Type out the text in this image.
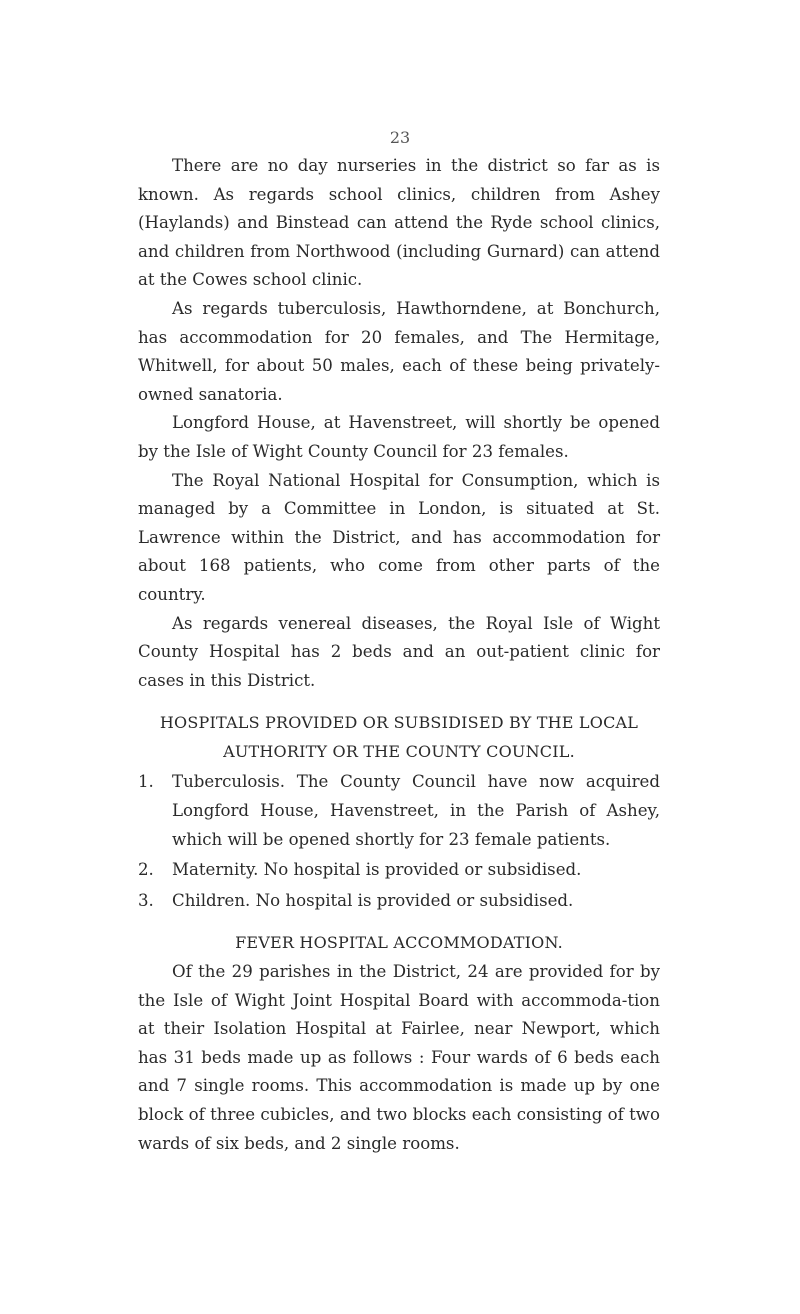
23

There are no day nurseries in the district so far as is known. As regards school clinics, children from Ashey (Haylands) and Binstead can attend the Ryde school clinics, and children from Northwood (including Gurnard) can attend at the Cowes school clinic.

As regards tuberculosis, Hawthorndene, at Bonchurch, has accommodation for 20 females, and The Hermitage, Whitwell, for about 50 males, each of these being privately-owned sanatoria.

Longford House, at Havenstreet, will shortly be opened by the Isle of Wight County Council for 23 females.

The Royal National Hospital for Consumption, which is managed by a Committee in London, is situated at St. Lawrence within the District, and has accommodation for about 168 patients, who come from other parts of the country.

As regards venereal diseases, the Royal Isle of Wight County Hospital has 2 beds and an out-patient clinic for cases in this District.

HOSPITALS PROVIDED OR SUBSIDISED BY THE LOCAL AUTHORITY OR THE COUNTY COUNCIL.
1.	Tuberculosis. The County Council have now acquired Longford House, Havenstreet, in the Parish of Ashey, which will be opened shortly for 23 female patients.
2.	Maternity. No hospital is provided or subsidised.
3.	Children. No hospital is provided or subsidised.
FEVER HOSPITAL ACCOMMODATION.

Of the 29 parishes in the District, 24 are provided for by the Isle of Wight Joint Hospital Board with accommoda-tion at their Isolation Hospital at Fairlee, near Newport, which has 31 beds made up as follows : Four wards of 6 beds each and 7 single rooms. This accommodation is made up by one block of three cubicles, and two blocks each consisting of two wards of six beds, and 2 single rooms.
